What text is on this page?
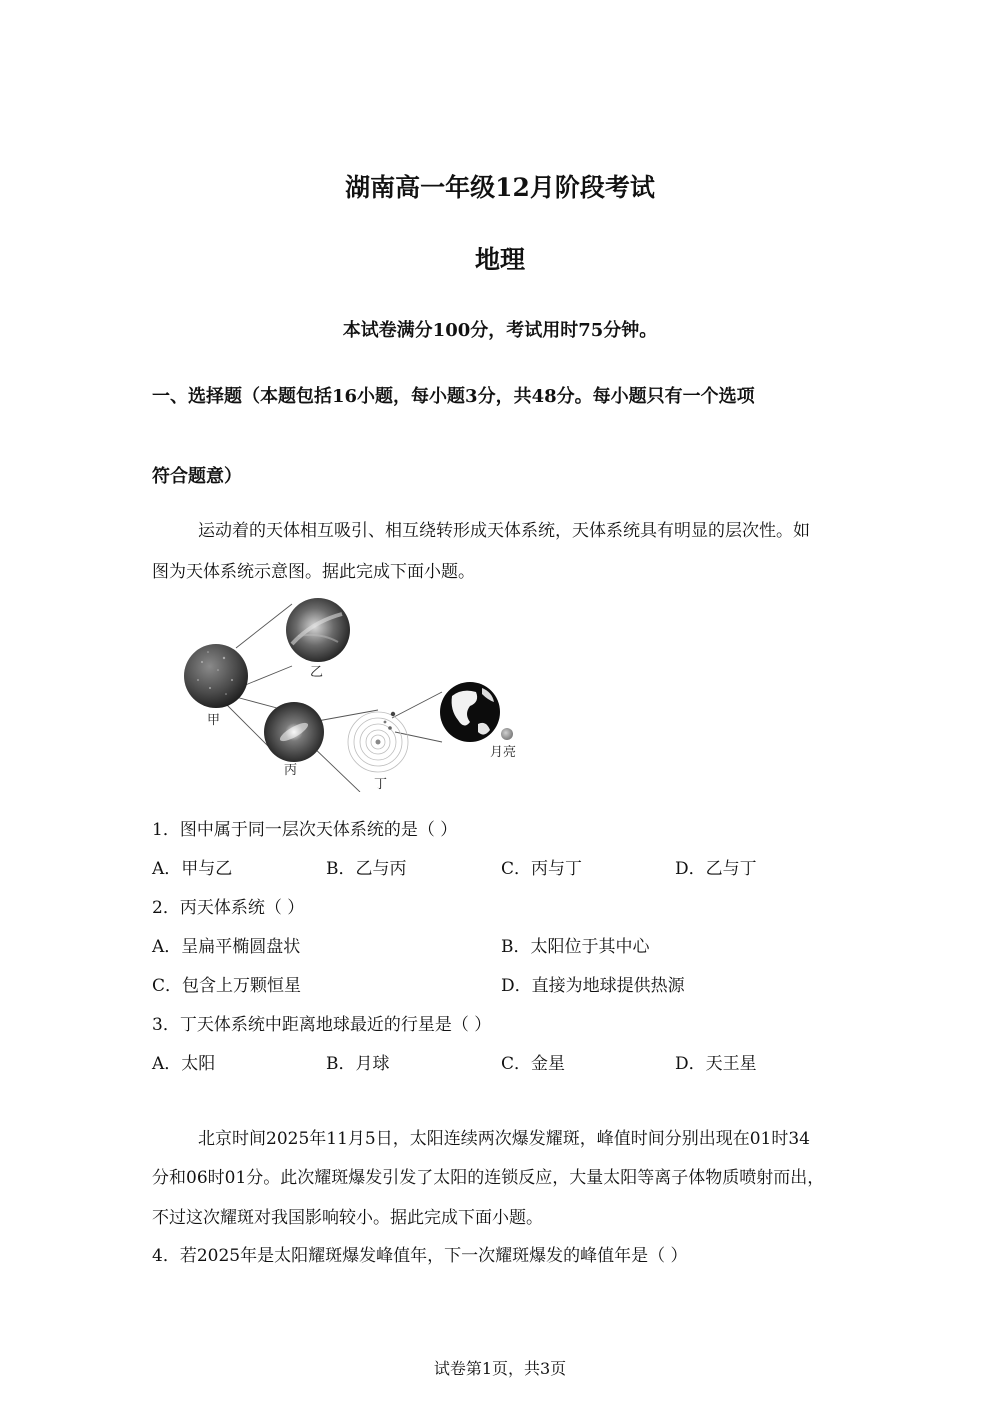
湖南高一年级12月阶段考试
地理
本试卷满分100分，考试用时75分钟。
一、选择题（本题包括16小题，每小题3分，共48分。每小题只有一个选项
符合题意）
运动着的天体相互吸引、相互绕转形成天体系统，天体系统具有明显的层次性。如
图为天体系统示意图。据此完成下面小题。
甲
乙
丙
丁
月亮
1．图中属于同一层次天体系统的是（ ）
A．甲与乙	B．乙与丙	C．丙与丁	D．乙与丁
2．丙天体系统（ ）
A．呈扁平椭圆盘状	B．太阳位于其中心
C．包含上万颗恒星	D．直接为地球提供热源
3．丁天体系统中距离地球最近的行星是（ ）
A．太阳	B．月球	C．金星	D．天王星
北京时间2025年11月5日，太阳连续两次爆发耀斑，峰值时间分别出现在01时34
分和06时01分。此次耀斑爆发引发了太阳的连锁反应，大量太阳等离子体物质喷射而出，
不过这次耀斑对我国影响较小。据此完成下面小题。
4．若2025年是太阳耀斑爆发峰值年，下一次耀斑爆发的峰值年是（ ）
试卷第1页，共3页
